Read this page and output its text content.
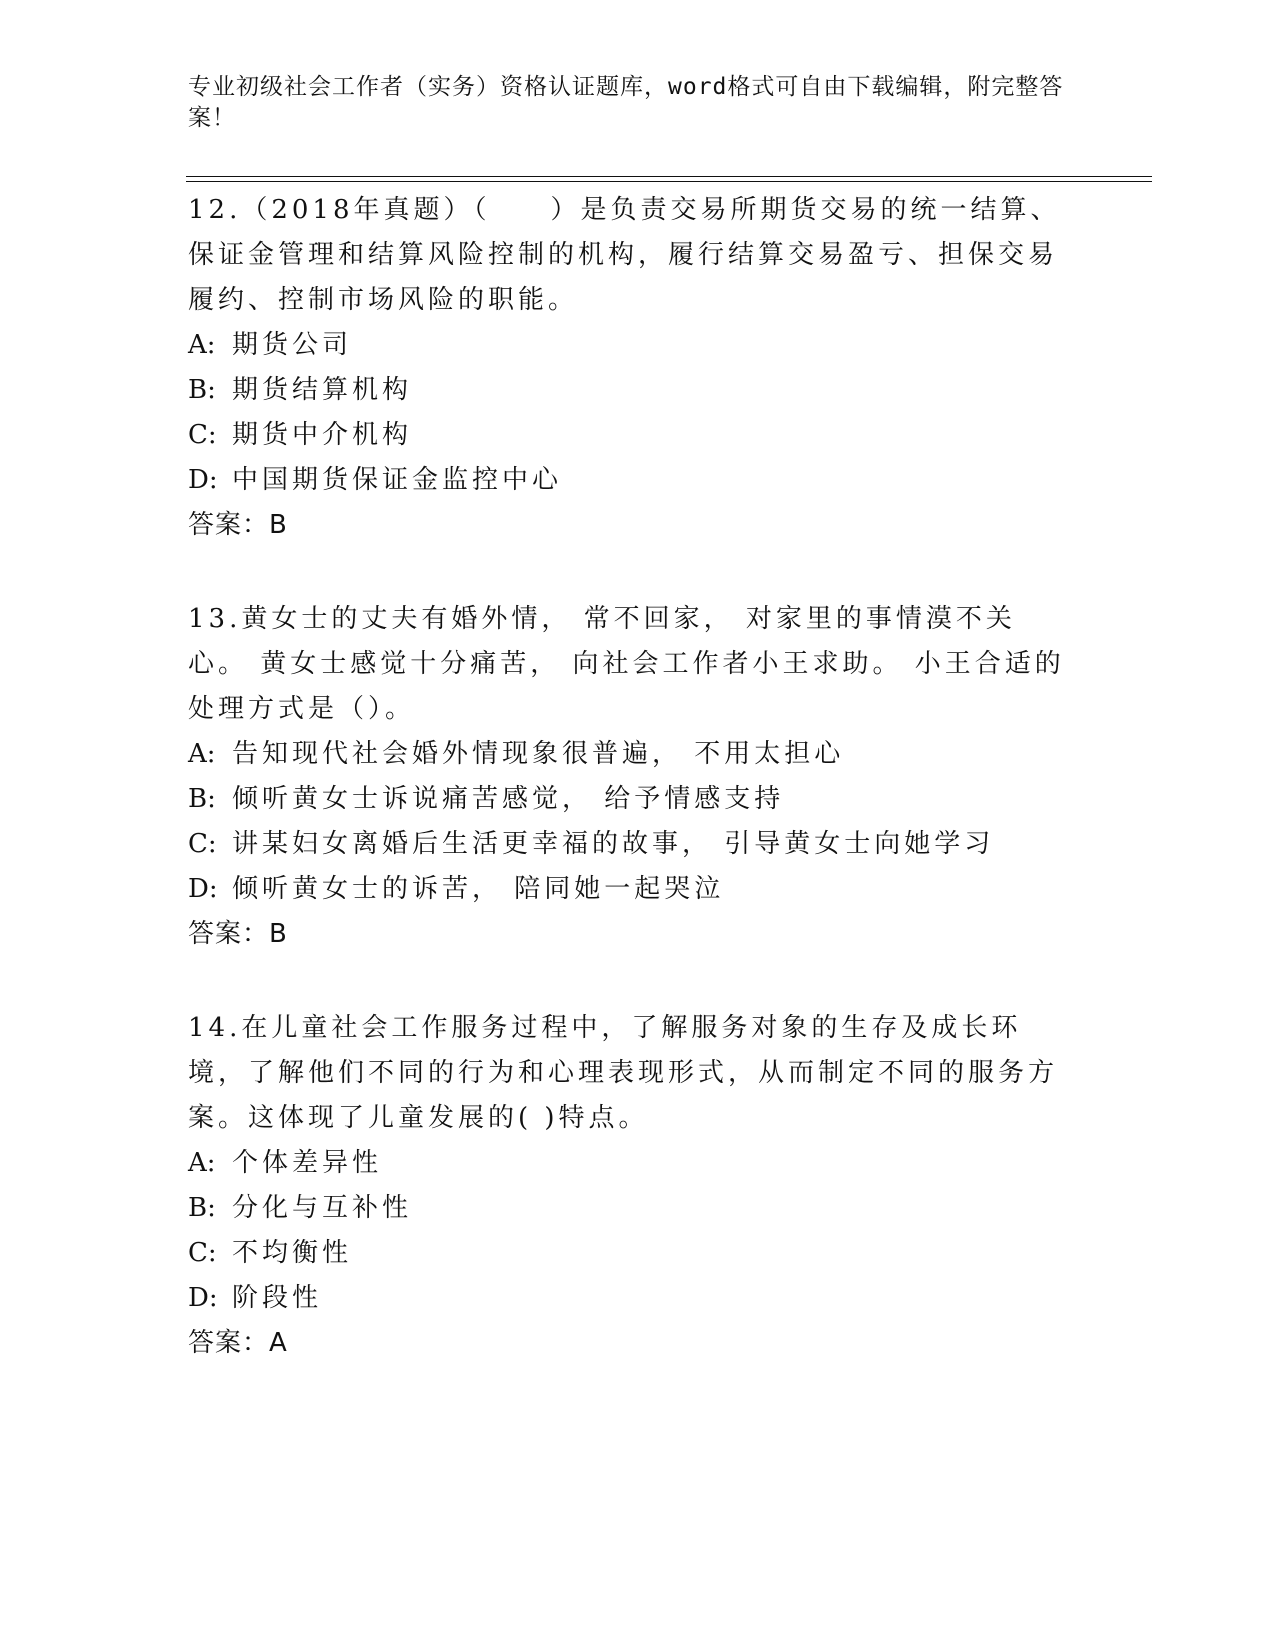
专业初级社会工作者（实务）资格认证题库，word格式可自由下载编辑，附完整答案！

12.（2018年真题）（　　）是负责交易所期货交易的统一结算、保证金管理和结算风险控制的机构，履行结算交易盈亏、担保交易履约、控制市场风险的职能。

A: 期货公司
B: 期货结算机构
C: 期货中介机构
D: 中国期货保证金监控中心
答案：B

13.黄女士的丈夫有婚外情， 常不回家， 对家里的事情漠不关心。 黄女士感觉十分痛苦， 向社会工作者小王求助。 小王合适的处理方式是（）。

A: 告知现代社会婚外情现象很普遍， 不用太担心
B: 倾听黄女士诉说痛苦感觉， 给予情感支持
C: 讲某妇女离婚后生活更幸福的故事， 引导黄女士向她学习
D: 倾听黄女士的诉苦， 陪同她一起哭泣
答案：B

14.在儿童社会工作服务过程中，了解服务对象的生存及成长环境，了解他们不同的行为和心理表现形式，从而制定不同的服务方案。这体现了儿童发展的( )特点。

A: 个体差异性
B: 分化与互补性
C: 不均衡性
D: 阶段性
答案：A
